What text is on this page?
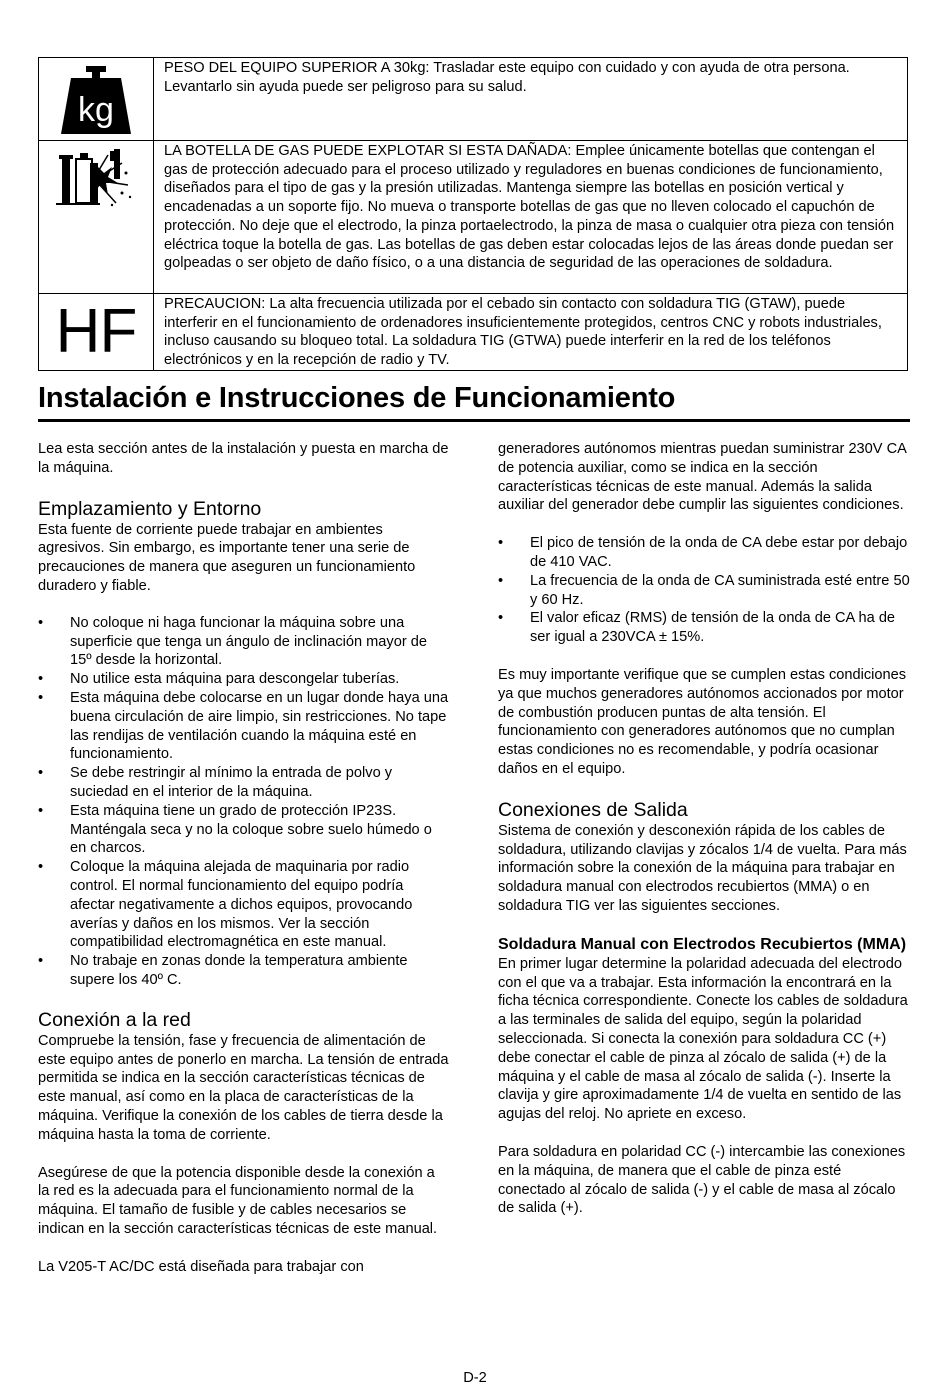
kg	PESO DEL EQUIPO SUPERIOR A 30kg: Trasladar este equipo con cuidado y con ayuda de otra persona. Levantarlo sin ayuda puede ser peligroso para su salud.

	LA BOTELLA DE GAS PUEDE EXPLOTAR SI ESTA DAÑADA: Emplee únicamente botellas que contengan el gas de protección adecuado para el proceso utilizado y reguladores en buenas condiciones de funcionamiento, diseñados para el tipo de gas y la presión utilizadas. Mantenga siempre las botellas en posición vertical y encadenadas a un soporte fijo. No mueva o transporte botellas de gas que no lleven colocado el capuchón de protección. No deje que el electrodo, la pinza portaelectrodo, la pinza de masa o cualquier otra pieza con tensión eléctrica toque la botella de gas. Las botellas de gas deben estar colocadas lejos de las áreas donde puedan ser golpeadas o ser objeto de daño físico, o a una distancia de seguridad de las operaciones de soldadura.

HF	PRECAUCION: La alta frecuencia utilizada por el cebado sin contacto con soldadura TIG (GTAW), puede interferir en el funcionamiento de ordenadores insuficientemente protegidos, centros CNC y robots industriales, incluso causando su bloqueo total. La soldadura TIG (GTWA) puede interferir en la red de los teléfonos electrónicos y en la recepción de radio y TV.
Instalación e Instrucciones de Funcionamiento

Lea esta sección antes de la instalación y puesta en marcha de la máquina.

Emplazamiento y Entorno

Esta fuente de corriente puede trabajar en ambientes agresivos. Sin embargo, es importante tener una serie de precauciones de manera que aseguren un funcionamiento duradero y fiable.

•	No coloque ni haga funcionar la máquina sobre una superficie que tenga un ángulo de inclinación mayor de 15º desde la horizontal.
•	No utilice esta máquina para descongelar tuberías.
•	Esta máquina debe colocarse en un lugar donde haya una buena circulación de aire limpio, sin restricciones. No tape las rendijas de ventilación cuando la máquina esté en funcionamiento.
•	Se debe restringir al mínimo la entrada de polvo y suciedad en el interior de la máquina.
•	Esta máquina tiene un grado de protección IP23S. Manténgala seca y no la coloque sobre suelo húmedo o en charcos.
•	Coloque la máquina alejada de maquinaria por radio control. El normal funcionamiento del equipo podría afectar negativamente a dichos equipos, provocando averías y daños en los mismos. Ver la sección compatibilidad electromagnética en este manual.
•	No trabaje en zonas donde la temperatura ambiente supere los 40º C.
Conexión a la red

Compruebe la tensión, fase y frecuencia de alimentación de este equipo antes de ponerlo en marcha. La tensión de entrada permitida se indica en la sección características técnicas de este manual, así como en la placa de características de la máquina. Verifique la conexión de los cables de tierra desde la máquina hasta la toma de corriente.

Asegúrese de que la potencia disponible desde la conexión a la red es la adecuada para el funcionamiento normal de la máquina. El tamaño de fusible y de cables necesarios se indican en la sección características técnicas de este manual.

La V205-T AC/DC está diseñada para trabajar con

generadores autónomos mientras puedan suministrar 230V CA de potencia auxiliar, como se indica en la sección características técnicas de este manual. Además la salida auxiliar del generador debe cumplir las siguientes condiciones.

•	El pico de tensión de la onda de CA debe estar por debajo de 410 VAC.
•	La frecuencia de la onda de CA suministrada esté entre 50 y 60 Hz.
•	El valor eficaz (RMS) de tensión de la onda de CA ha de ser igual a 230VCA ± 15%.

Es muy importante verifique que se cumplen estas condiciones ya que muchos generadores autónomos accionados por motor de combustión producen puntas de alta tensión. El funcionamiento con generadores autónomos que no cumplan estas condiciones no es recomendable, y podría ocasionar daños en el equipo.

Conexiones de Salida

Sistema de conexión y desconexión rápida de los cables de soldadura, utilizando clavijas y zócalos 1/4 de vuelta. Para más información sobre la conexión de la máquina para trabajar en soldadura manual con electrodos recubiertos (MMA) o en soldadura TIG ver las siguientes secciones.

Soldadura Manual con Electrodos Recubiertos (MMA)

En primer lugar determine la polaridad adecuada del electrodo con el que va a trabajar. Esta información la encontrará en la ficha técnica correspondiente. Conecte los cables de soldadura a las terminales de salida del equipo, según la polaridad seleccionada. Si conecta la conexión para soldadura CC (+) debe conectar el cable de pinza al zócalo de salida (+) de la máquina y el cable de masa al zócalo de salida (-). Inserte la clavija y gire aproximadamente 1/4 de vuelta en sentido de las agujas del reloj. No apriete en exceso.

Para soldadura en polaridad CC (-) intercambie las conexiones en la máquina, de manera que el cable de pinza esté conectado al zócalo de salida (-) y el cable de masa al zócalo de salida (+).

D-2
